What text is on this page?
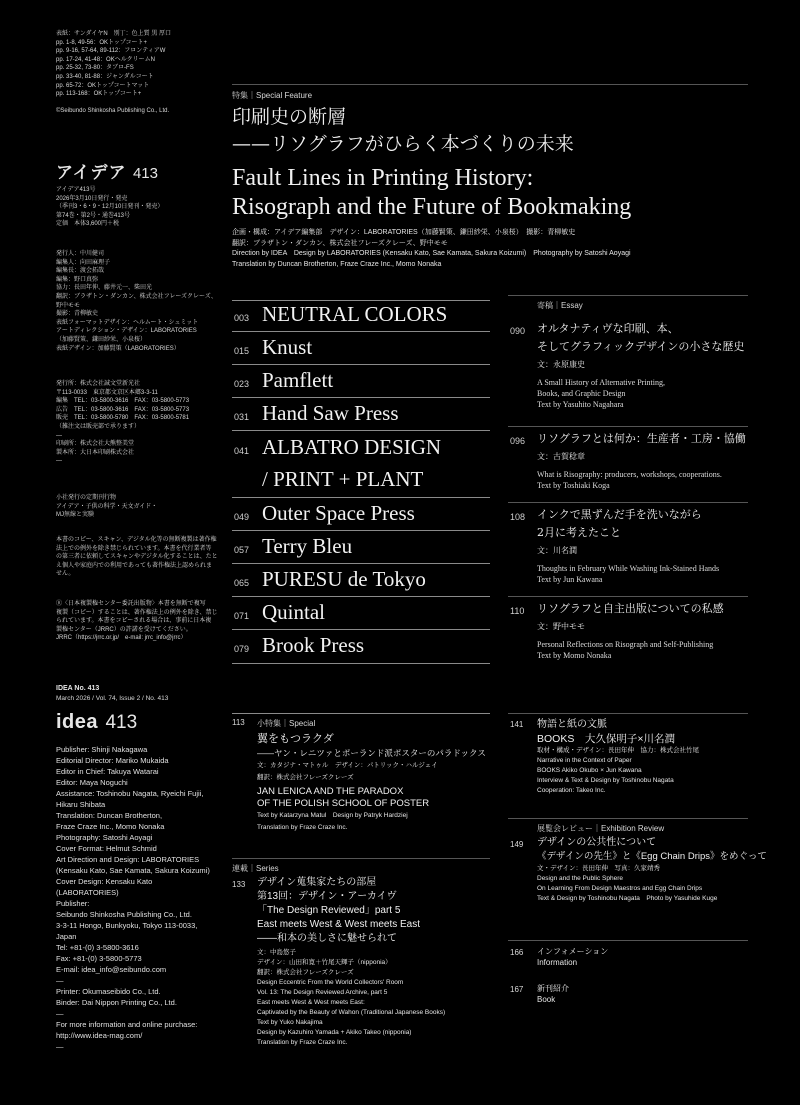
表紙：サンダイヤN　別丁：色上質 黒 厚口
pp. 1-8, 49-56：OKトップコート+
pp. 9-16, 57-64, 89-112：フロンティアW
pp. 17-24, 41-48：OKヘルクリームN
pp. 25-32, 73-80：タブロ-FS
pp. 33-40, 81-88：ジャンダルコート
pp. 65-72：OKトップコートマット
pp. 113-168：OKトップコート+
©Seibundo Shinkosha Publishing Co., Ltd.
アイデア 413
アイデア413号
2026年3月10日発行・発売
（季刊3・6・9・12月10日発刊・発売）
第74巻・第2号・通巻413号
定価　本体3,600円＋税
発行人：中川健司
編集人：向田麻理子
編集長：渡会拓哉
編集：野口真弥
協力：長田年伸、藤井元一、柴田光
翻訳：ブラザトン・ダンカン、株式会社フレーズクレーズ、
野中モモ
撮影：青柳敏史
表紙フォーマットデザイン：ヘルムート・シュミット
アートディレクション・デザイン：LABORATORIES
（加藤賢策、鎌田紗栄、小泉桜）
表紙デザイン：加藤賢策（LABORATORIES）
発行所：株式会社誠文堂新光社
〒113-0033　東京都文京区本郷3-3-11
編集　TEL：03-5800-3616　FAX：03-5800-5773
広告　TEL：03-5800-3616　FAX：03-5800-5773
販売　TEL：03-5800-5780　FAX：03-5800-5781
（雑注文は販売部で承ります）
—
印刷所：株式会社大熊整美堂
製本所：大日本印刷株式会社
—
小社発行の定期刊行物
アイデア・子供の科学・天文ガイド・
MJ無線と実験
本書のコピー、スキャン、デジタル化等の無断複製は著作権
法上での例外を除き禁じられています。本書を代行業者等
の第三者に依頼してスキャンやデジタル化することは、たと
え個人や家庭内での利用であっても著作権法上認められま
せん。
Ⓡ〈日本複製権センター委託出版物〉本書を無断で複写
複製（コピー）することは、著作権法上の例外を除き、禁じ
られています。本書をコピーされる場合は、事前に日本複
製権センター（JRRC）の許諾を受けてください。
JRRC（https://jrrc.or.jp/　e-mail: jrrc_info@jrrc）
IDEA No. 413
March 2026 / Vol. 74, Issue 2 / No. 413
idea 413
Publisher: Shinji Nakagawa
Editorial Director: Mariko Mukaida
Editor in Chief: Takuya Watarai
Editor: Maya Noguchi
Assistance: Toshinobu Nagata, Ryeichi Fujii,
Hikaru Shibata
Translation: Duncan Brotherton,
Fraze Craze Inc., Momo Nonaka
Photography: Satoshi Aoyagi
Cover Format: Helmut Schmid
Art Direction and Design: LABORATORIES
(Kensaku Kato, Sae Kamata, Sakura Koizumi)
Cover Design: Kensaku Kato
(LABORATORIES)
Publisher:
Seibundo Shinkosha Publishing Co., Ltd.
3-3-11 Hongo, Bunkyoku, Tokyo 113-0033,
Japan
Tel: +81-(0) 3-5800-3616
Fax: +81-(0) 3-5800-5773
E-mail: idea_info@seibundo.com
—
Printer: Okumaseibido Co., Ltd.
Binder: Dai Nippon Printing Co., Ltd.
—
For more information and online purchase:
http://www.idea-mag.com/
—
特集｜Special Feature
印刷史の断層
——リソグラフがひらく本づくりの未来
Fault Lines in Printing History:
Risograph and the Future of Bookmaking
企画・構成：アイデア編集部　デザイン：LABORATORIES（加藤賢策、鎌田紗栄、小泉桜）　撮影：青柳敏史
翻訳：ブラザトン・ダンカン、株式会社フレーズクレーズ、野中モモ
Direction by IDEA　Design by LABORATORIES (Kensaku Kato, Sae Kamata, Sakura Koizumi)　Photography by Satoshi Aoyagi
Translation by Duncan Brotherton, Fraze Craze Inc., Momo Nonaka
003 NEUTRAL COLORS
015 Knust
023 Pamflett
031 Hand Saw Press
041 ALBATRO DESIGN
/ PRINT + PLANT
049 Outer Space Press
057 Terry Bleu
065 PURESU de Tokyo
071 Quintal
079 Brook Press
寄稿｜Essay
090 オルタナティヴな印刷、本、
そしてグラフィックデザインの小さな歴史
文：永原康史
A Small History of Alternative Printing,
Books, and Graphic Design
Text by Yasuhito Nagahara
096 リソグラフとは何か：生産者・工房・協働
文：古賀稔章
What is Risography: producers, workshops, cooperations.
Text by Toshiaki Koga
108 インクで黒ずんだ手を洗いながら
2月に考えたこと
文：川名潤
Thoughts in February While Washing Ink-Stained Hands
Text by Jun Kawana
110 リソグラフと自主出版についての私感
文：野中モモ
Personal Reflections on Risograph and Self-Publishing
Text by Momo Nonaka
113 小特集｜Special
翼をもつラクダ
——ヤン・レニツァとポーランド派ポスターのパラドックス
文：カタジナ・マトゥル　デザイン：パトリック・ハルジェイ
翻訳：株式会社フレーズクレーズ
JAN LENICA AND THE PARADOX
OF THE POLISH SCHOOL OF POSTER
Text by Katarzyna Matul　Design by Patryk Hardziej
Translation by Fraze Craze Inc.
連載｜Series
133 デザイン蒐集家たちの部屋
第13回：デザイン・アーカイヴ
「The Design Reviewed」part 5
East meets West & West meets East
——和本の美しさに魅せられて
文：中島悠子
デザイン：山田和寛＋竹尾天輝子（nipponia）
翻訳：株式会社フレーズクレーズ
Design Eccentric From the World Collectors' Room
Vol. 13: The Design Reviewed Archive, part 5
East meets West & West meets East:
Captivated by the Beauty of Wahon (Traditional Japanese Books)
Text by Yuko Nakajima
Design by Kazuhiro Yamada + Akiko Takeo (nipponia)
Translation by Fraze Craze Inc.
141 物語と紙の文脈
BOOKS　大久保明子×川名潤
取材・構成・デザイン：長田年伸　協力：株式会社竹尾
Narrative in the Context of Paper
BOOKS Akiko Okubo × Jun Kawana
Interview & Text & Design by Toshinobu Nagata
Cooperation: Takeo Inc.
展覧会レビュー｜Exhibition Review
149 デザインの公共性について
《デザインの先生》と《Egg Chain Drips》をめぐって
文・デザイン：長田年伸　写真：久家靖秀
Design and the Public Sphere
On Learning From Design Maestros and Egg Chain Drips
Text & Design by Toshinobu Nagata　Photo by Yasuhide Kuge
166 インフォメーション
Information
167 新刊紹介
Book
